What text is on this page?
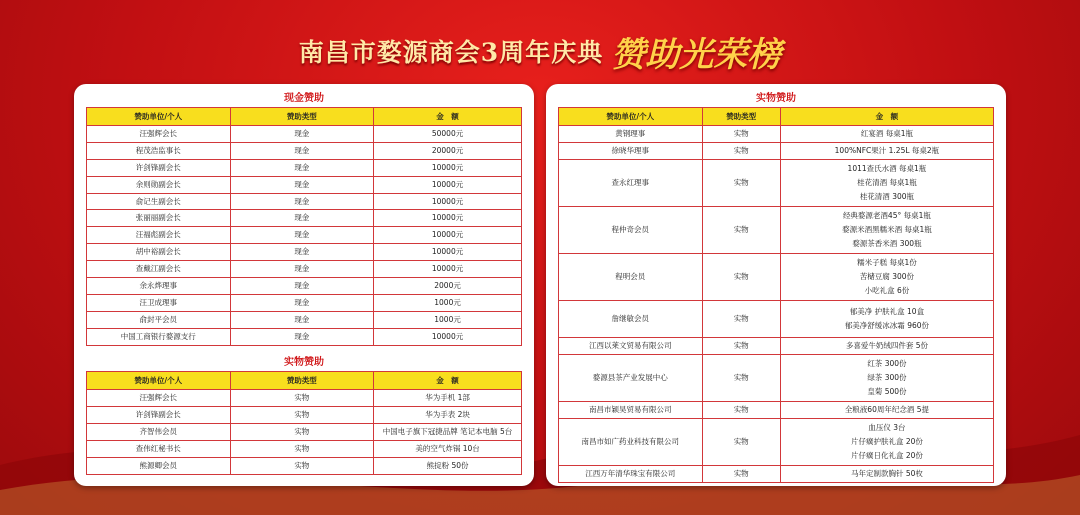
南昌市婺源商会3周年庆典 赞助光荣榜
现金赞助
赞助单位/个人	赞助类型	金　额
汪强辉会长	现金	50000元
程茂浩监事长	现金	20000元
许剑锋副会长	现金	10000元
余则勋副会长	现金	10000元
俞记生副会长	现金	10000元
张丽丽副会长	现金	10000元
汪福彪副会长	现金	10000元
胡中裕副会长	现金	10000元
查戴江副会长	现金	10000元
余永烨理事	现金	2000元
汪卫成理事	现金	1000元
俞封平会员	现金	1000元
中国工商银行婺源支行	现金	10000元
实物赞助
赞助单位/个人	赞助类型	金　额
汪强辉会长	实物	华为手机 1部
许剑锋副会长	实物	华为手表 2块
齐智伟会员	实物	中国电子旗下冠捷品牌 笔记本电脑 5台
查伟红秘书长	实物	美的空气炸锅 10台
熊源卿会员	实物	熊掟粉 50份
实物赞助
赞助单位/个人	赞助类型	金　额
黄钢理事	实物	红宴酒 每桌1瓶

徐晓华理事	实物	100%NFC果汁 1.25L 每桌2瓶

查永红理事	实物	1011查氏水酒 每桌1瓶
桂花清酒 每桌1瓶
桂花清酒 300瓶

程仲奇会员	实物	经典婺源老酒45° 每桌1瓶
婺源米酒黑糯米酒 每桌1瓶
婺源茶香米酒 300瓶

程明会员	实物	糯米子糕 每桌1份
苦槠豆腐 300份
小吃礼盒 6份

詹继敏会员	实物	郁美净 护肤礼盒 10盒
郁美净舒缓冰冰霜 960份

江西以莱文贸易有限公司	实物	多喜爱牛奶绒四件套 5份

婺源县茶产业发展中心	实物	红茶 300份
绿茶 300份
皇菊 500份

南昌市颖昊贸易有限公司	实物	全粮液60周年纪念酒 5提

南昌市如广药业科技有限公司	实物	血压仪 3台
片仔癀护肤礼盒 20份
片仔癀日化礼盒 20份

江西万年清华珠宝有限公司	实物	马年定制款胸针 50枚
